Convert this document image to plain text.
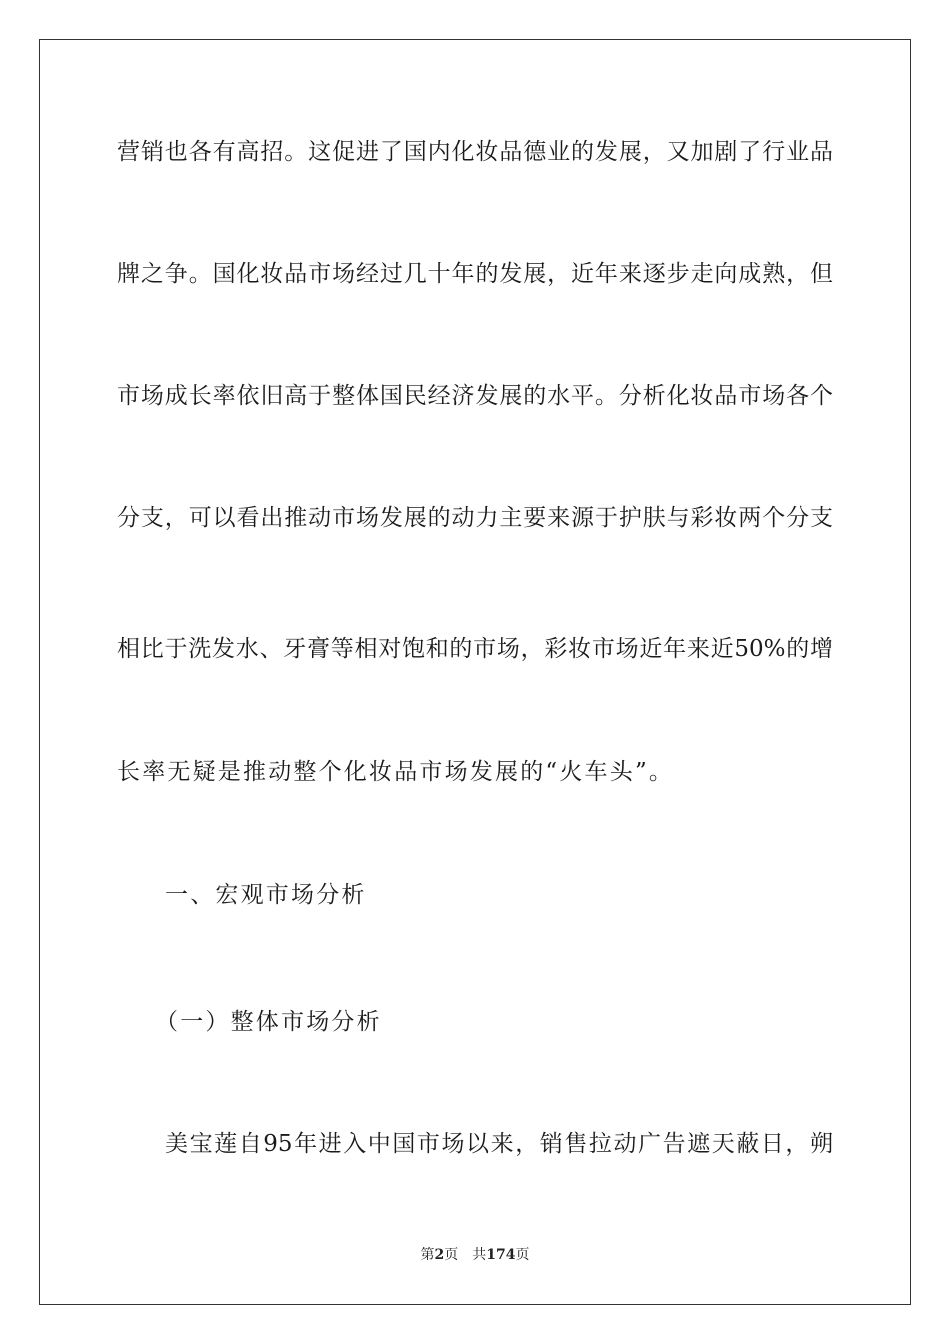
营销也各有高招。这促进了国内化妆品德业的发展，又加剧了行业品
牌之争。国化妆品市场经过几十年的发展，近年来逐步走向成熟，但
市场成长率依旧高于整体国民经济发展的水平。分析化妆品市场各个
分支，可以看出推动市场发展的动力主要来源于护肤与彩妆两个分支
相比于洗发水、牙膏等相对饱和的市场，彩妆市场近年来近50%的增
长率无疑是推动整个化妆品市场发展的“火车头”。
一、宏观市场分析
（一）整体市场分析
美宝莲自95年进入中国市场以来，销售拉动广告遮天蔽日，朔
第2页 共174页
